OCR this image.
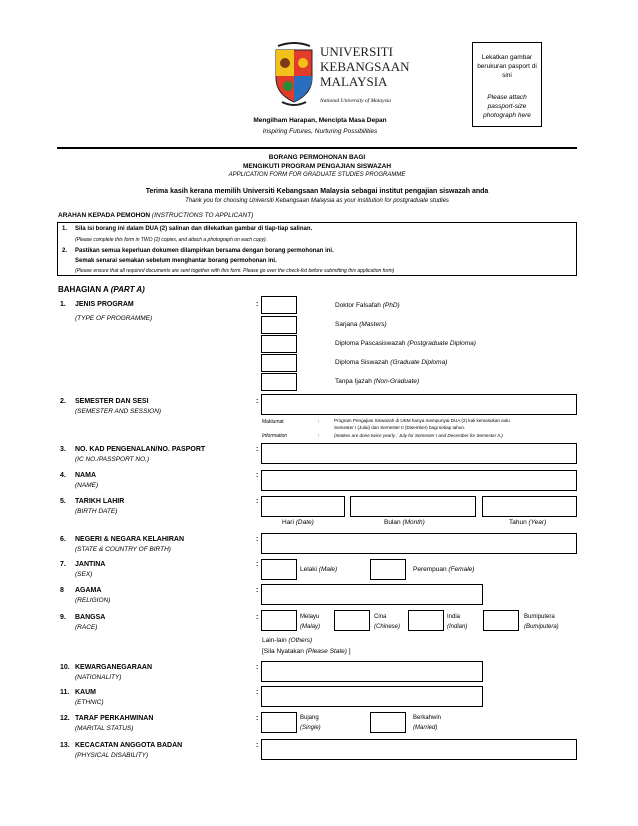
UNIVERSITI
KEBANGSAAN
MALAYSIA
National University of Malaysia
Mengilham Harapan, Mencipta Masa Depan
Inspiring Futures, Nurturing Possibilities
Lekatkan gambar berukuran pasport di sini
Please attach passport-size photograph here
BORANG PERMOHONAN BAGI
MENGIKUTI PROGRAM PENGAJIAN SISWAZAH
APPLICATION FORM FOR GRADUATE STUDIES PROGRAMME
Terima kasih kerana memilih Universiti Kebangsaan Malaysia sebagai institut pengajian siswazah anda
Thank you for choosing Universiti Kebangsaan Malaysia as your institution for postgraduate studies
ARAHAN KEPADA PEMOHON (INSTRUCTIONS TO APPLICANT)
1. Sila isi borang ini dalam DUA (2) salinan dan dilekatkan gambar di tiap-tiap salinan.
(Please complete this form in TWO (2) copies, and attach a photograph on each copy).
2. Pastikan semua keperluan dokumen dilampirkan bersama dengan borang permohonan ini.
Semak senarai semakan sebelum menghantar borang permohonan ini.
(Please ensure that all required documents are sent together with this form. Please go over the check-list before submitting this application form)
BAHAGIAN A (PART A)
1. JENIS PROGRAM
(TYPE OF PROGRAMME)
:	Doktor Falsafah (PhD)
Sarjana (Masters)
Diploma Pascasiswazah (Postgraduate Diploma)
Diploma Siswazah (Graduate Diploma)
Tanpa Ijazah (Non-Graduate)
2. SEMESTER DAN SESI
(SEMESTER AND SESSION)
:
Maklumat	:	Program Pengajian Siswazah di UKM hanya mempunyai DUA (2) kali kemasukan iaitu
Semester I (Julai) dan Semester II (Disember) bagi setiap tahun.
Information	:	(Intakes are done twice yearly ; July for Semester I and December for Semester II.)
3. NO. KAD PENGENALAN/NO. PASPORT
(IC NO./PASSPORT NO.)
:
4. NAMA
(NAME)
:
5. TARIKH LAHIR
(BIRTH DATE)
:
Hari (Date)	Bulan (Month)	Tahun (Year)
6. NEGERI & NEGARA KELAHIRAN
(STATE & COUNTRY OF BIRTH)
:
7. JANTINA
(SEX)
:
Lelaki (Male)	Perempuan (Female)
8 AGAMA
(RELIGION)
:
9. BANGSA
(RACE)
:	Melayu
(Malay)
Cina
(Chinese)
India
(Indian)
Bumiputera
(Bumiputera)
Lain-lain (Others)
[Sila Nyatakan (Please State) ]
10. KEWARGANEGARAAN
(NATIONALITY)
:
11. KAUM
(ETHNIC)
:
12. TARAF PERKAHWINAN
(MARITAL STATUS)
:	Bujang
(Single)
Berkahwin
(Married)
13. KECACATAN ANGGOTA BADAN
(PHYSICAL DISABILITY)
:
